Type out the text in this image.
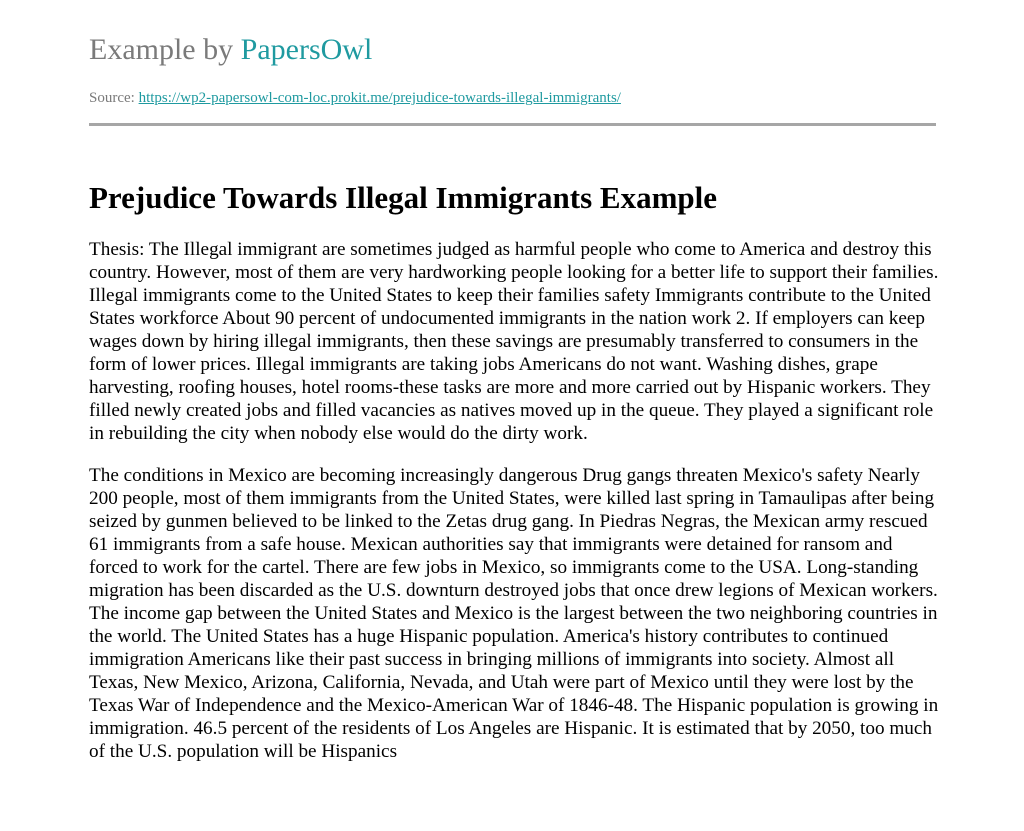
Example by PapersOwl
Source: https://wp2-papersowl-com-loc.prokit.me/prejudice-towards-illegal-immigrants/
Prejudice Towards Illegal Immigrants Example

Thesis: The Illegal immigrant are sometimes judged as harmful people who come to America and destroy this country. However, most of them are very hardworking people looking for a better life to support their families. Illegal immigrants come to the United States to keep their families safety Immigrants contribute to the United States workforce About 90 percent of undocumented immigrants in the nation work 2. If employers can keep wages down by hiring illegal immigrants, then these savings are presumably transferred to consumers in the form of lower prices. Illegal immigrants are taking jobs Americans do not want. Washing dishes, grape harvesting, roofing houses, hotel rooms-these tasks are more and more carried out by Hispanic workers. They filled newly created jobs and filled vacancies as natives moved up in the queue. They played a significant role in rebuilding the city when nobody else would do the dirty work.

The conditions in Mexico are becoming increasingly dangerous Drug gangs threaten Mexico's safety Nearly 200 people, most of them immigrants from the United States, were killed last spring in Tamaulipas after being seized by gunmen believed to be linked to the Zetas drug gang. In Piedras Negras, the Mexican army rescued 61 immigrants from a safe house. Mexican authorities say that immigrants were detained for ransom and forced to work for the cartel. There are few jobs in Mexico, so immigrants come to the USA. Long-standing migration has been discarded as the U.S. downturn destroyed jobs that once drew legions of Mexican workers. The income gap between the United States and Mexico is the largest between the two neighboring countries in the world. The United States has a huge Hispanic population. America's history contributes to continued immigration Americans like their past success in bringing millions of immigrants into society. Almost all Texas, New Mexico, Arizona, California, Nevada, and Utah were part of Mexico until they were lost by the Texas War of Independence and the Mexico-American War of 1846-48. The Hispanic population is growing in immigration. 46.5 percent of the residents of Los Angeles are Hispanic. It is estimated that by 2050, too much of the U.S. population will be Hispanics
